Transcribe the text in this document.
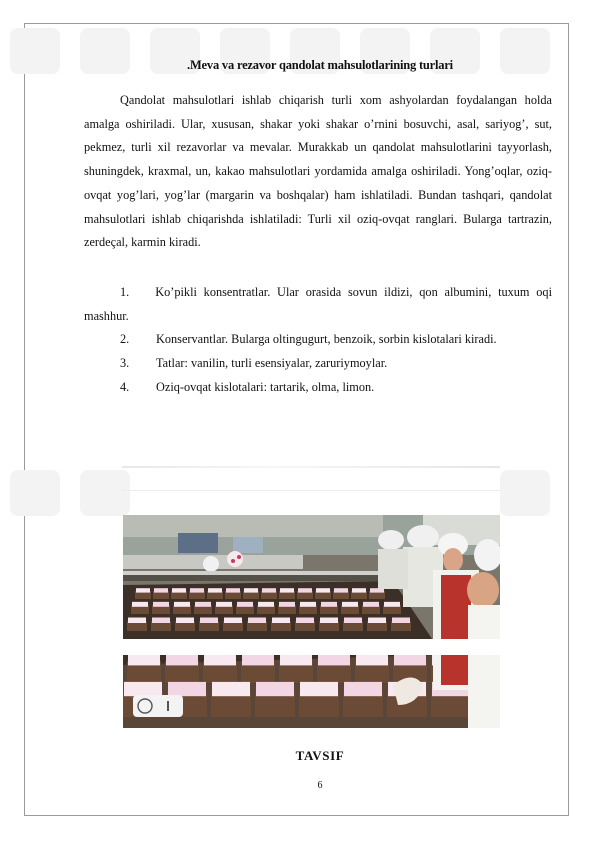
.Meva va rezavor qandolat mahsulotlarining turlari

Qandolat mahsulotlari ishlab chiqarish turli xom ashyolardan foydalangan holda amalga oshiriladi. Ular, xususan, shakar yoki shakar o’rnini bosuvchi, asal, sariyog’, sut, pekmez, turli xil rezavorlar va mevalar. Murakkab un qandolat mahsulotlarini tayyorlash, shuningdek, kraxmal, un, kakao mahsulotlari yordamida amalga oshiriladi. Yong’oqlar, oziq-ovqat yog’lari, yog’lar (margarin va boshqalar) ham ishlatiladi. Bundan tashqari, qandolat mahsulotlari ishlab chiqarishda ishlatiladi: Turli xil oziq-ovqat ranglari. Bularga tartrazin, zerdeçal, karmin kiradi.

1. Ko’pikli konsentratlar. Ular orasida sovun ildizi, qon albumini, tuxum oqi mashhur.
2.	Konservantlar. Bularga oltingugurt, benzoik, sorbin kislotalari kiradi.
3.	Tatlar: vanilin, turli esensiyalar, zaruriymoylar.
4.	Oziq-ovqat kislotalari: tartarik, olma, limon.
TAVSIF
6
